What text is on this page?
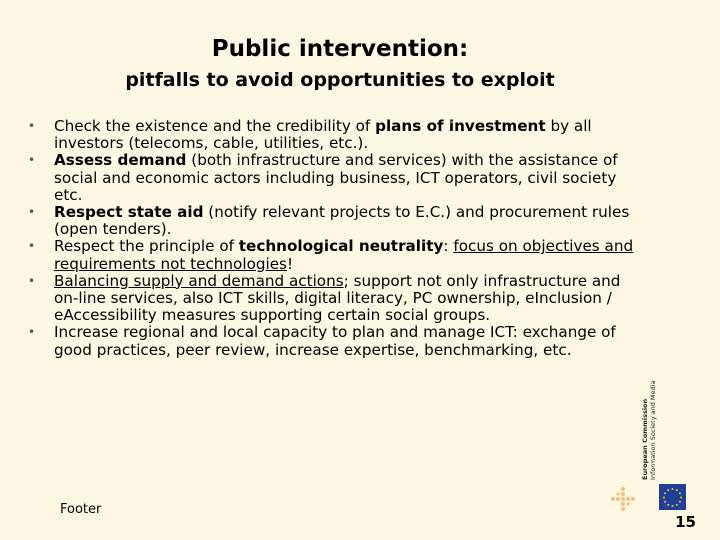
Public intervention:
pitfalls to avoid opportunities to exploit
• Check the existence and the credibility of plans of investment by all investors (telecoms, cable, utilities, etc.).
• Assess demand (both infrastructure and services) with the assistance of social and economic actors including business, ICT operators, civil society etc.
• Respect state aid (notify relevant projects to E.C.) and procurement rules (open tenders).
• Respect the principle of technological neutrality: focus on objectives and requirements not technologies!
• Balancing supply and demand actions; support not only infrastructure and on-line services, also ICT skills, digital literacy, PC ownership, eInclusion / eAccessibility measures supporting certain social groups.
• Increase regional and local capacity to plan and manage ICT: exchange of good practices, peer review, increase expertise, benchmarking, etc.
European Commission Information Society and Media
Footer
15
